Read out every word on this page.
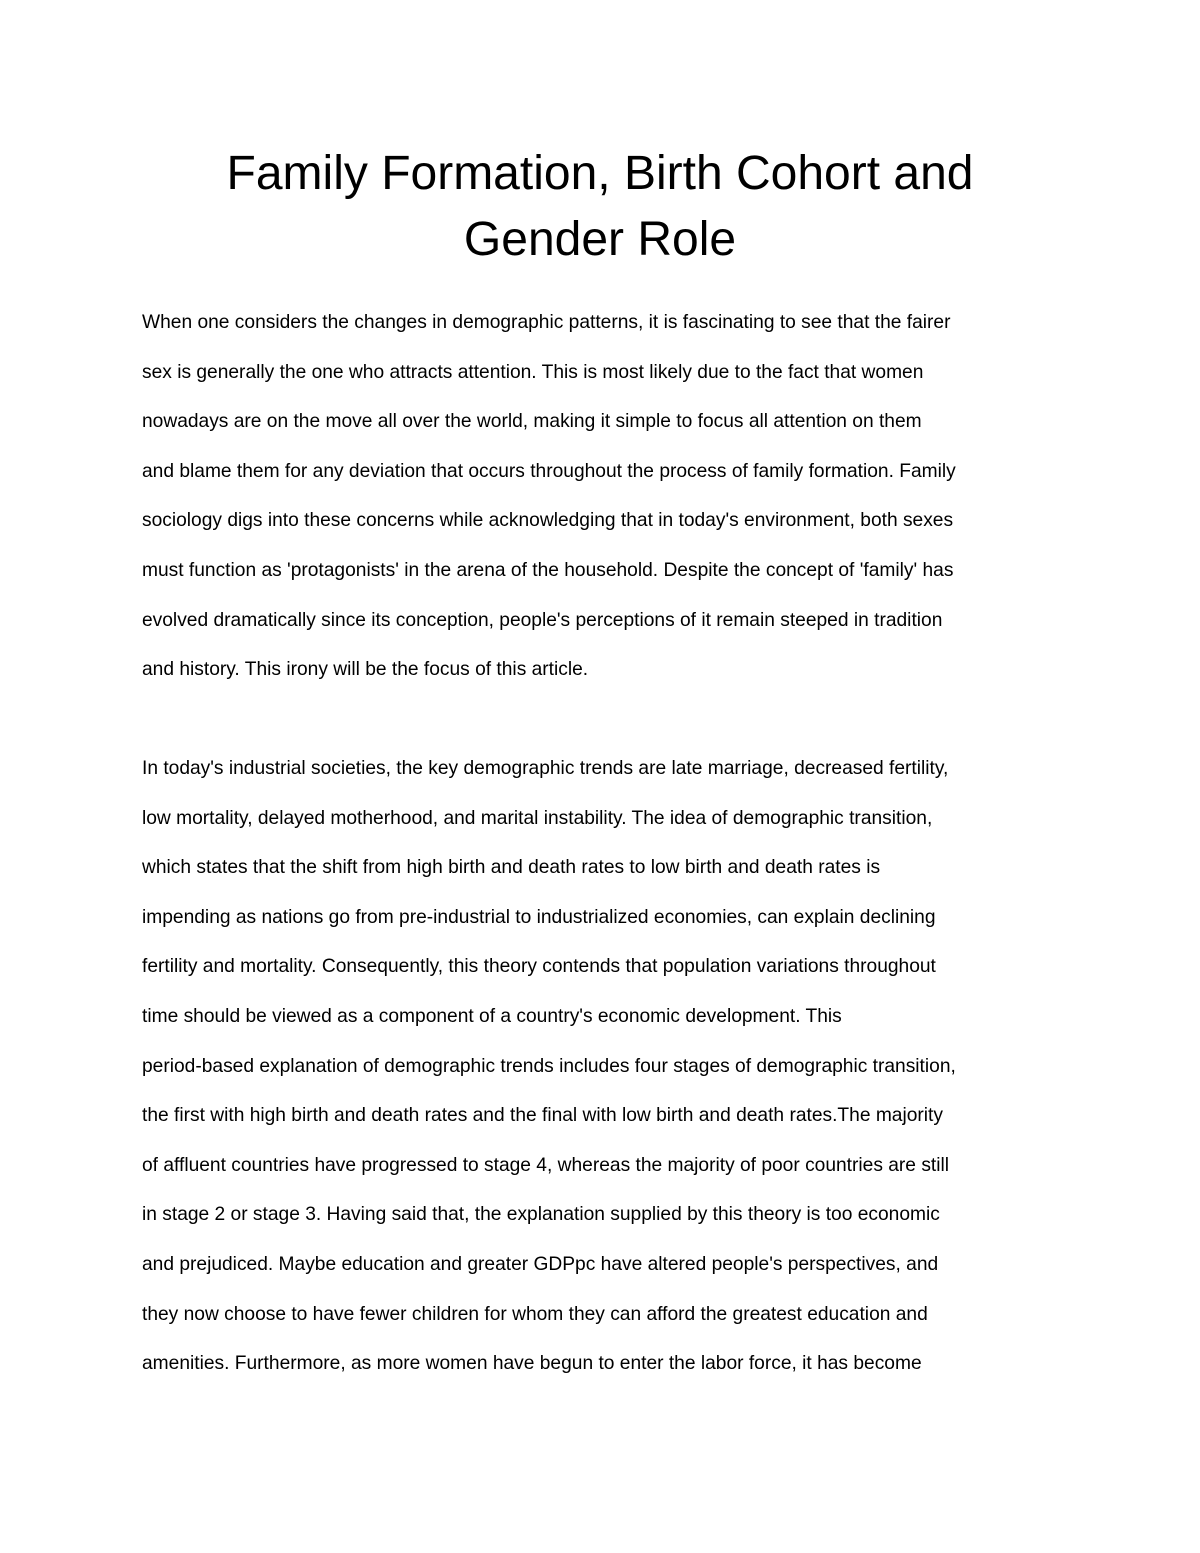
Family Formation, Birth Cohort and
Gender Role
When one considers the changes in demographic patterns, it is fascinating to see that the fairer
sex is generally the one who attracts attention. This is most likely due to the fact that women
nowadays are on the move all over the world, making it simple to focus all attention on them
and blame them for any deviation that occurs throughout the process of family formation. Family
sociology digs into these concerns while acknowledging that in today's environment, both sexes
must function as 'protagonists' in the arena of the household. Despite the concept of 'family' has
evolved dramatically since its conception, people's perceptions of it remain steeped in tradition
and history. This irony will be the focus of this article.
In today's industrial societies, the key demographic trends are late marriage, decreased fertility,
low mortality, delayed motherhood, and marital instability. The idea of demographic transition,
which states that the shift from high birth and death rates to low birth and death rates is
impending as nations go from pre-industrial to industrialized economies, can explain declining
fertility and mortality. Consequently, this theory contends that population variations throughout
time should be viewed as a component of a country's economic development. This
period-based explanation of demographic trends includes four stages of demographic transition,
the first with high birth and death rates and the final with low birth and death rates.The majority
of affluent countries have progressed to stage 4, whereas the majority of poor countries are still
in stage 2 or stage 3. Having said that, the explanation supplied by this theory is too economic
and prejudiced. Maybe education and greater GDPpc have altered people's perspectives, and
they now choose to have fewer children for whom they can afford the greatest education and
amenities. Furthermore, as more women have begun to enter the labor force, it has become
